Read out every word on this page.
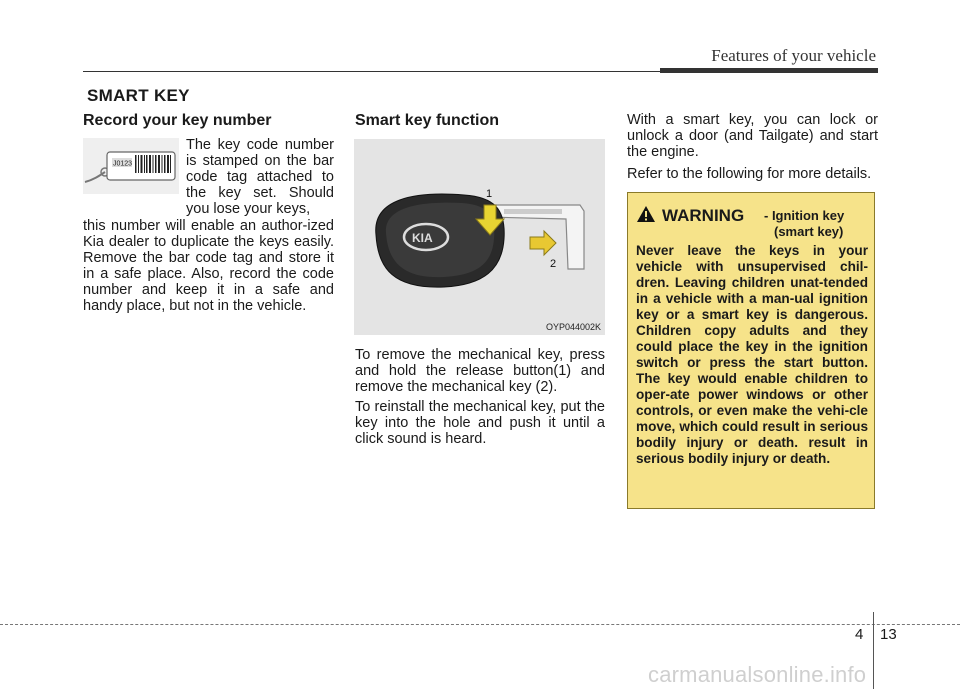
Features of your vehicle
SMART KEY
Record your key number
J0123
The key code number is stamped on the bar code tag attached to the key set. Should you lose your keys,
this number will enable an author-ized Kia dealer to duplicate the keys easily. Remove the bar code tag and store it in a safe place. Also, record the code number and keep it in a safe and handy place, but not in the vehicle.
Smart key function
KIA
1
2
OYP044002K
To remove the mechanical key, press and hold the release button(1) and remove the mechanical key (2).
To reinstall the mechanical key, put the key into the hole and push it until a click sound is heard.
With a smart key, you can lock or unlock a door (and Tailgate) and start the engine.
Refer to the following for more details.
WARNING - Ignition key
(smart key)
Never leave the keys in your vehicle with unsupervised chil-dren. Leaving children unat-tended in a vehicle with a man-ual ignition key or a smart key is dangerous. Children copy adults and they could place the key in the ignition switch or press the start button. The key would enable children to oper-ate power windows or other controls, or even make the vehi-cle move, which could result in serious bodily injury or death. result in serious bodily injury or death.
4 13
carmanualsonline.info
